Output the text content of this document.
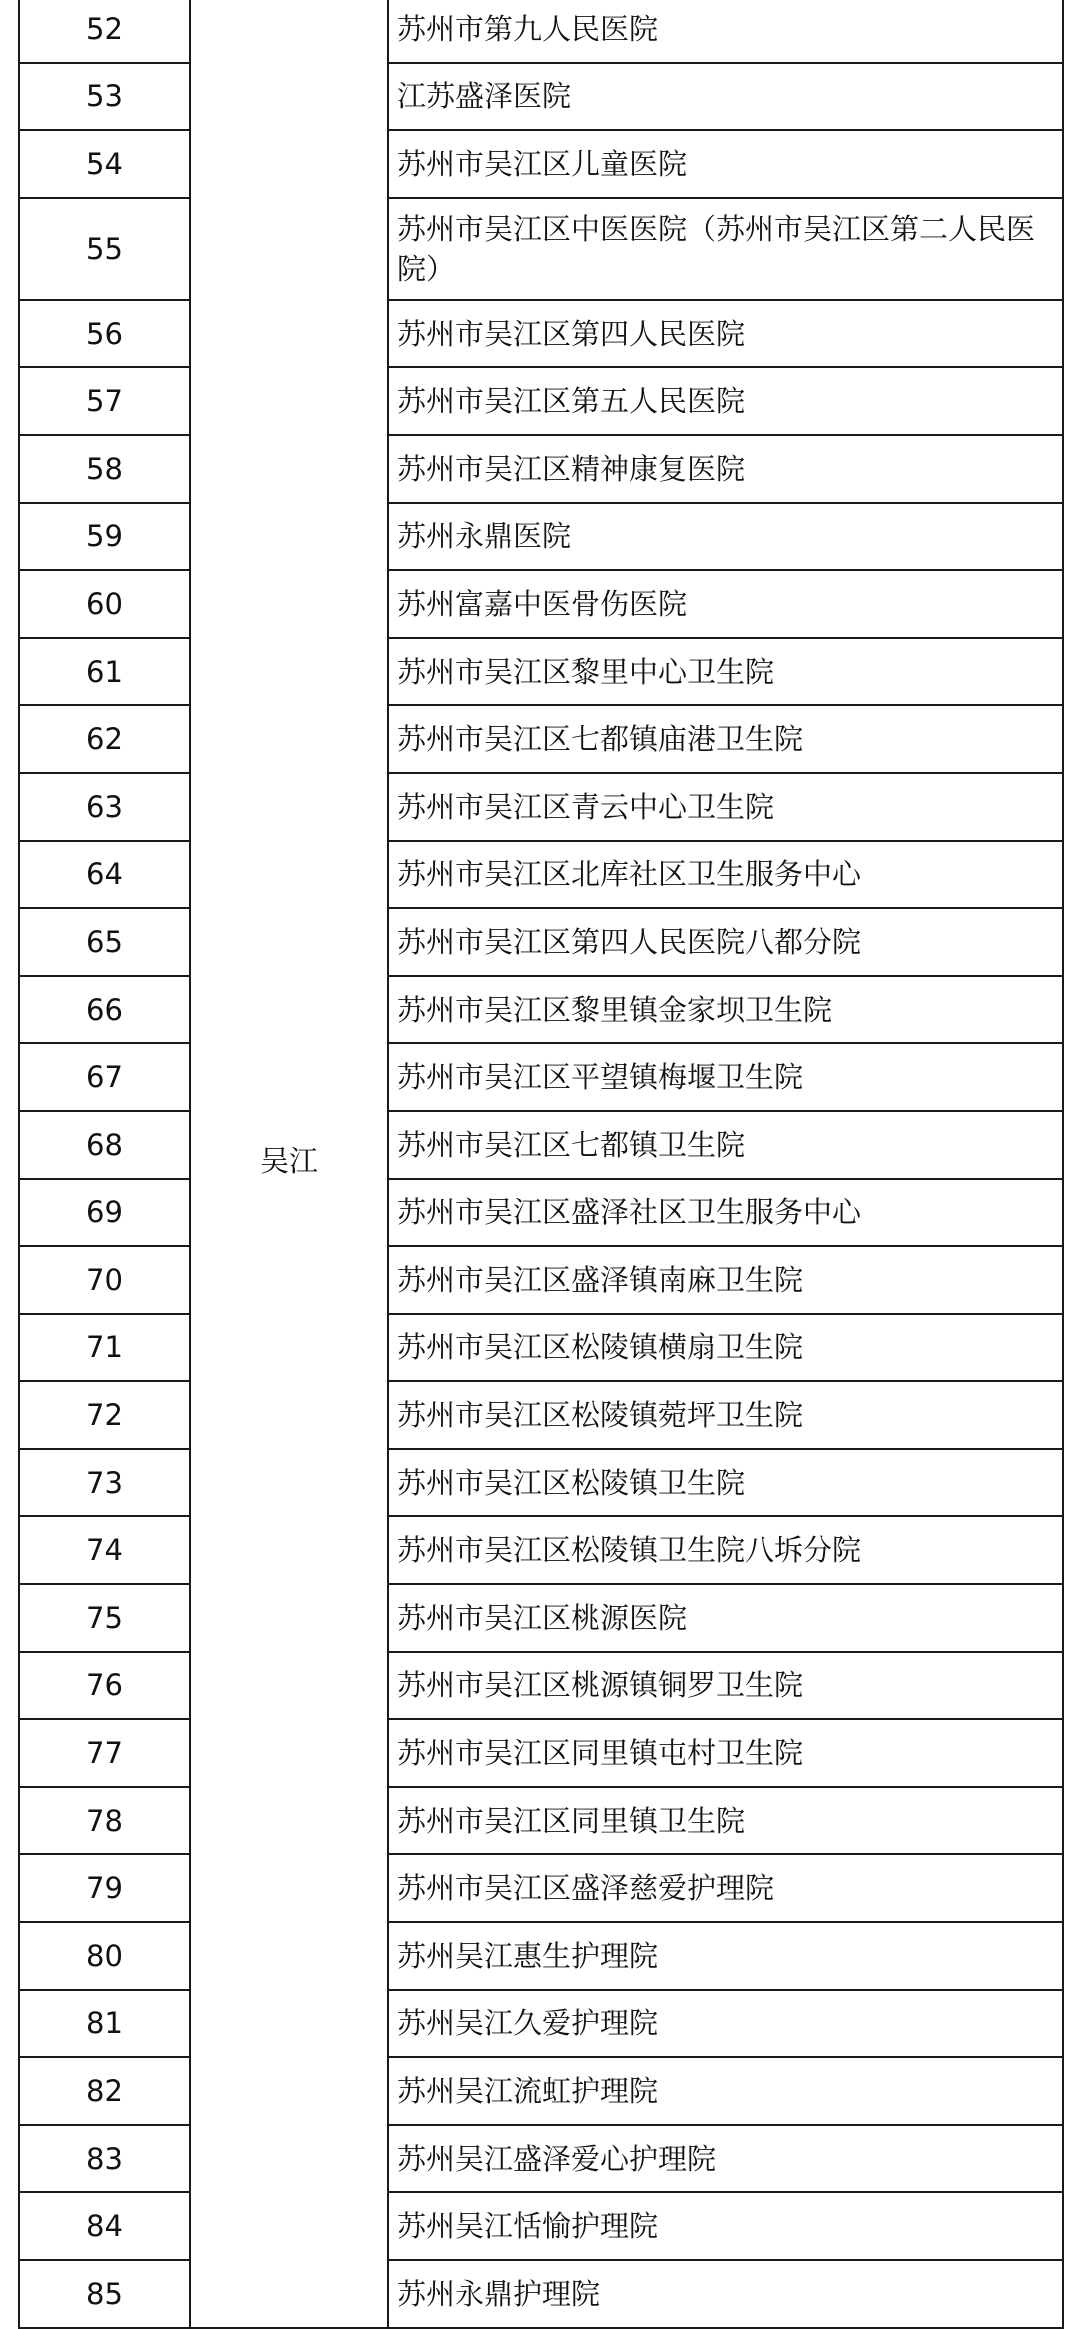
52	吴江	苏州市第九人民医院

53		江苏盛泽医院

54		苏州市吴江区儿童医院

55		苏州市吴江区中医医院（苏州市吴江区第二人民医院）

56		苏州市吴江区第四人民医院

57		苏州市吴江区第五人民医院

58		苏州市吴江区精神康复医院

59		苏州永鼎医院

60		苏州富嘉中医骨伤医院

61		苏州市吴江区黎里中心卫生院

62		苏州市吴江区七都镇庙港卫生院

63		苏州市吴江区青云中心卫生院

64		苏州市吴江区北库社区卫生服务中心

65		苏州市吴江区第四人民医院八都分院

66		苏州市吴江区黎里镇金家坝卫生院

67		苏州市吴江区平望镇梅堰卫生院

68		苏州市吴江区七都镇卫生院

69		苏州市吴江区盛泽社区卫生服务中心

70		苏州市吴江区盛泽镇南麻卫生院

71		苏州市吴江区松陵镇横扇卫生院

72		苏州市吴江区松陵镇菀坪卫生院

73		苏州市吴江区松陵镇卫生院

74		苏州市吴江区松陵镇卫生院八坼分院

75		苏州市吴江区桃源医院

76		苏州市吴江区桃源镇铜罗卫生院

77		苏州市吴江区同里镇屯村卫生院

78		苏州市吴江区同里镇卫生院

79		苏州市吴江区盛泽慈爱护理院

80		苏州吴江惠生护理院

81		苏州吴江久爱护理院

82		苏州吴江流虹护理院

83		苏州吴江盛泽爱心护理院

84		苏州吴江恬愉护理院

85		苏州永鼎护理院
